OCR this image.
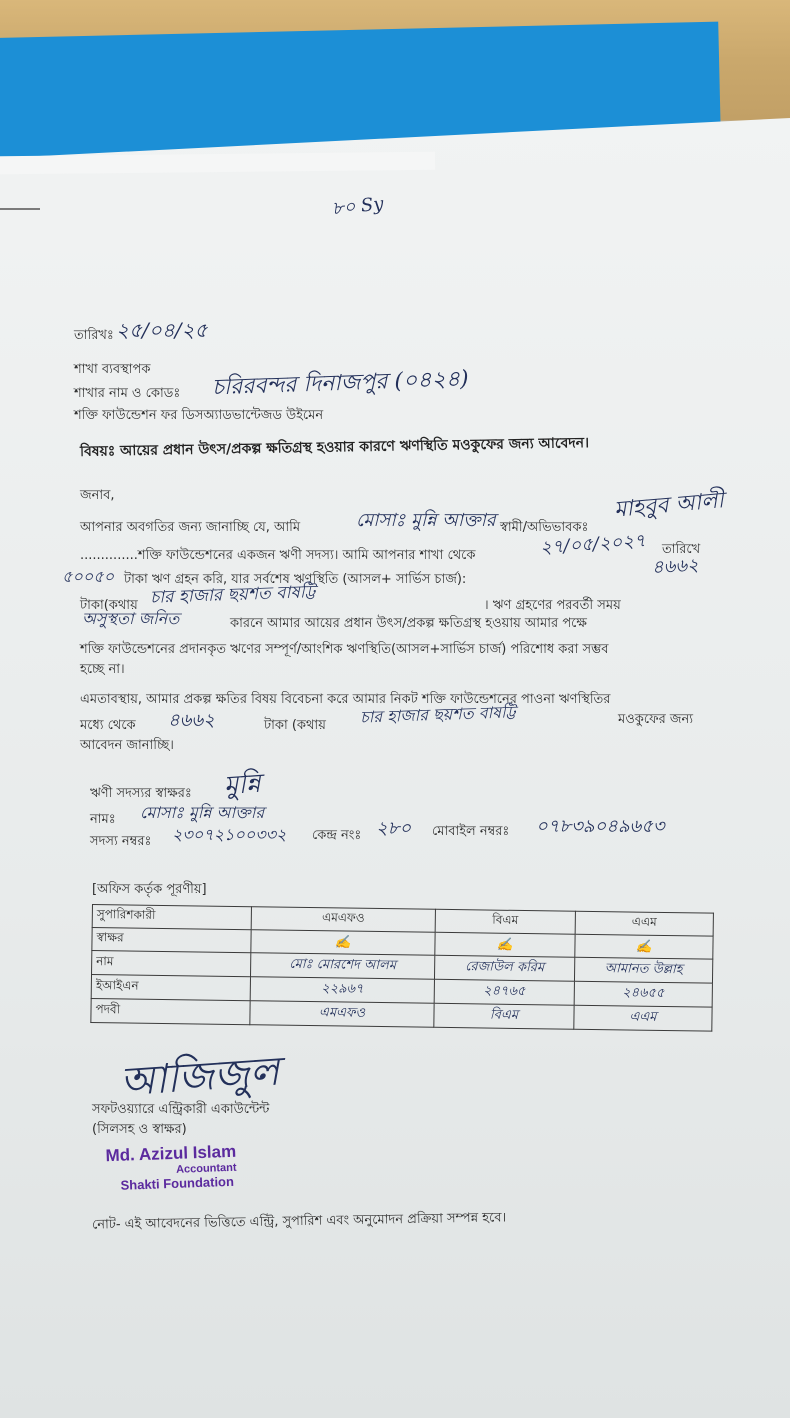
৮০ Sy
তারিখঃ ২৫/০৪/২৫
শাখা ব্যবস্থাপক
শাখার নাম ও কোডঃ চরিরবন্দর দিনাজপুর (০৪২৪)
শক্তি ফাউন্ডেশন ফর ডিসঅ্যাডভান্টেজড উইমেন
বিষয়ঃ আয়ের প্রধান উৎস/প্রকল্প ক্ষতিগ্রস্থ হওয়ার কারণে ঋণস্থিতি মওকুফের জন্য আবেদন।
জনাব,
আপনার অবগতির জন্য জানাচ্ছি যে, আমি	মোসাঃ মুন্নি আক্তার স্বামী/অভিভাবকঃ
মাহবুব আলী
..............শক্তি ফাউন্ডেশনের একজন ঋণী সদস্য। আমি আপনার শাখা থেকে	২৭/০৫/২০২৭ তারিখে
৫০০৫০ টাকা ঋণ গ্রহন করি, যার সর্বশেষ ঋণস্থিতি (আসল+ সার্ভিস চার্জ):
৪৬৬২
টাকা(কথায় চার হাজার ছয়শত বাষট্টি	। ঋণ গ্রহণের পরবর্তী সময়
অসুস্থতা জনিত	কারনে আমার আয়ের প্রধান উৎস/প্রকল্প ক্ষতিগ্রস্থ হওয়ায় আমার পক্ষে
শক্তি ফাউন্ডেশনের প্রদানকৃত ঋণের সম্পূর্ণ/আংশিক ঋণস্থিতি(আসল+সার্ভিস চার্জ) পরিশোধ করা সম্ভব
হচ্ছে না।
এমতাবস্থায়, আমার প্রকল্প ক্ষতির বিষয় বিবেচনা করে আমার নিকট শক্তি ফাউন্ডেশনের পাওনা ঋণস্থিতির
মধ্যে থেকে ৪৬৬২	টাকা (কথায় চার হাজার ছয়শত বাষট্টি	মওকুফের জন্য
আবেদন জানাচ্ছি।
ঋণী সদস্যর স্বাক্ষরঃ মুন্নি
নামঃ মোসাঃ মুন্নি আক্তার
সদস্য নম্বরঃ ২৩০৭২১০০৩৩২ কেন্দ্র নংঃ ২৮০ মোবাইল নম্বরঃ ০৭৮৩৯০৪৯৬৫৩
[অফিস কর্তৃক পূরণীয়]
সুপারিশকারী	এমএফও	বিএম	এএম
স্বাক্ষর	✍	✍	✍
নাম	মোঃ মোরশেদ আলম	রেজাউল করিম	আমানত উল্লাহ
ইআইএন	২২৯৬৭	২৪৭৬৫	২৪৬৫৫
পদবী	এমএফও	বিএম	এএম
আজিজুল
সফটওয়্যারে এন্ট্রিকারী একাউন্টেন্ট
(সিলসহ ও স্বাক্ষর)
Md. Azizul Islam
Accountant
Shakti Foundation
নোট- এই আবেদনের ভিত্তিতে এন্ট্রি, সুপারিশ এবং অনুমোদন প্রক্রিয়া সম্পন্ন হবে।
